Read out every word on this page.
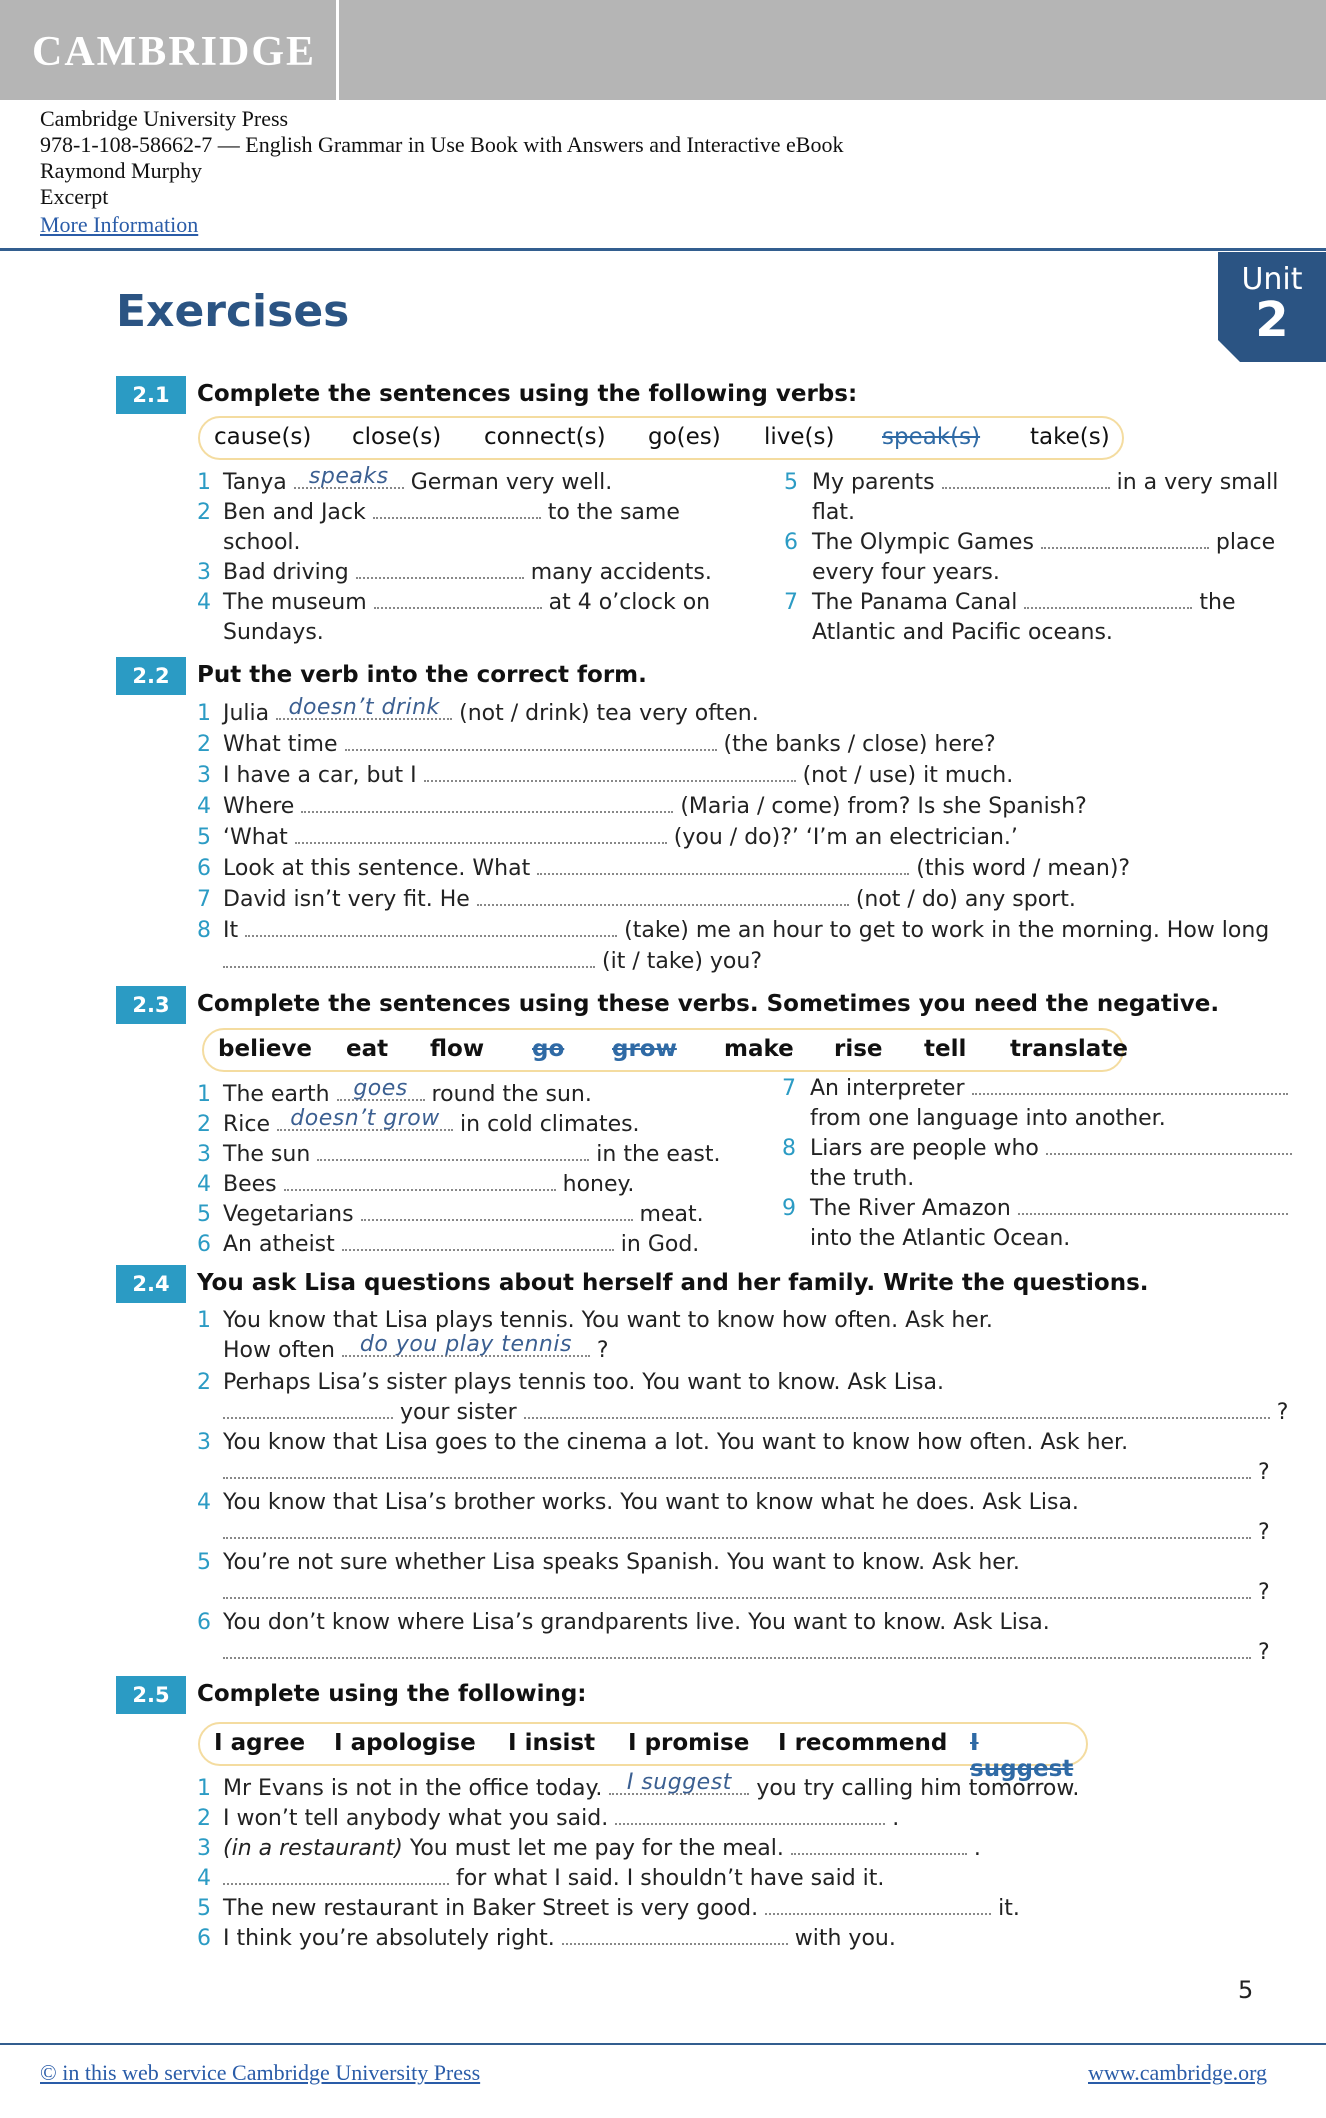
CAMBRIDGE
Cambridge University Press
978-1-108-58662-7 — English Grammar in Use Book with Answers and Interactive eBook
Raymond Murphy
Excerpt
More Information
Unit
2
Exercises
2.1	Complete the sentences using the following verbs:
cause(s) close(s) connect(s) go(es) live(s) speak(s) take(s)
1 Tanya	speaks	German very well.
2 Ben and Jack	to the same
school.
3 Bad driving	many accidents.
4 The museum	at 4 o’clock on
Sundays.
5 My parents	in a very small
flat.
6 The Olympic Games	place
every four years.
7 The Panama Canal	the
Atlantic and Pacific oceans.
2.2	Put the verb into the correct form.
1 Julia doesn’t drink (not / drink) tea very often.
2 What time	(the banks / close) here?
3 I have a car, but I	(not / use) it much.
4 Where	(Maria / come) from? Is she Spanish?
5 ‘What	(you / do)?’ ‘I’m an electrician.’
6 Look at this sentence. What	(this word / mean)?
7 David isn’t very fit. He	(not / do) any sport.
8 It	(take) me an hour to get to work in the morning. How long
(it / take) you?
2.3	Complete the sentences using these verbs. Sometimes you need the negative.
believe eat flow go grow make rise tell translate
1 The earth	goes	round the sun.
2 Rice doesn’t grow in cold climates.
3 The sun	in the east.
4 Bees	honey.
5 Vegetarians	meat.
6 An atheist	in God.
7 An interpreter
from one language into another.
8 Liars are people who
the truth.
9 The River Amazon
into the Atlantic Ocean.
2.4	You ask Lisa questions about herself and her family. Write the questions.
1 You know that Lisa plays tennis. You want to know how often. Ask her.
How often	do you play tennis	?
2 Perhaps Lisa’s sister plays tennis too. You want to know. Ask Lisa.
your sister	?
3 You know that Lisa goes to the cinema a lot. You want to know how often. Ask her.
?
4 You know that Lisa’s brother works. You want to know what he does. Ask Lisa.
?
5 You’re not sure whether Lisa speaks Spanish. You want to know. Ask her.
?
6 You don’t know where Lisa’s grandparents live. You want to know. Ask Lisa.
?
2.5	Complete using the following:
I agree I apologise I insist I promise I recommend I suggest
1 Mr Evans is not in the office today.	I suggest	you try calling him tomorrow.
2 I won’t tell anybody what you said.	.
3 (in a restaurant) You must let me pay for the meal.	.
4	for what I said. I shouldn’t have said it.
5 The new restaurant in Baker Street is very good.	it.
6 I think you’re absolutely right.	with you.
5
© in this web service Cambridge University Press	www.cambridge.org
